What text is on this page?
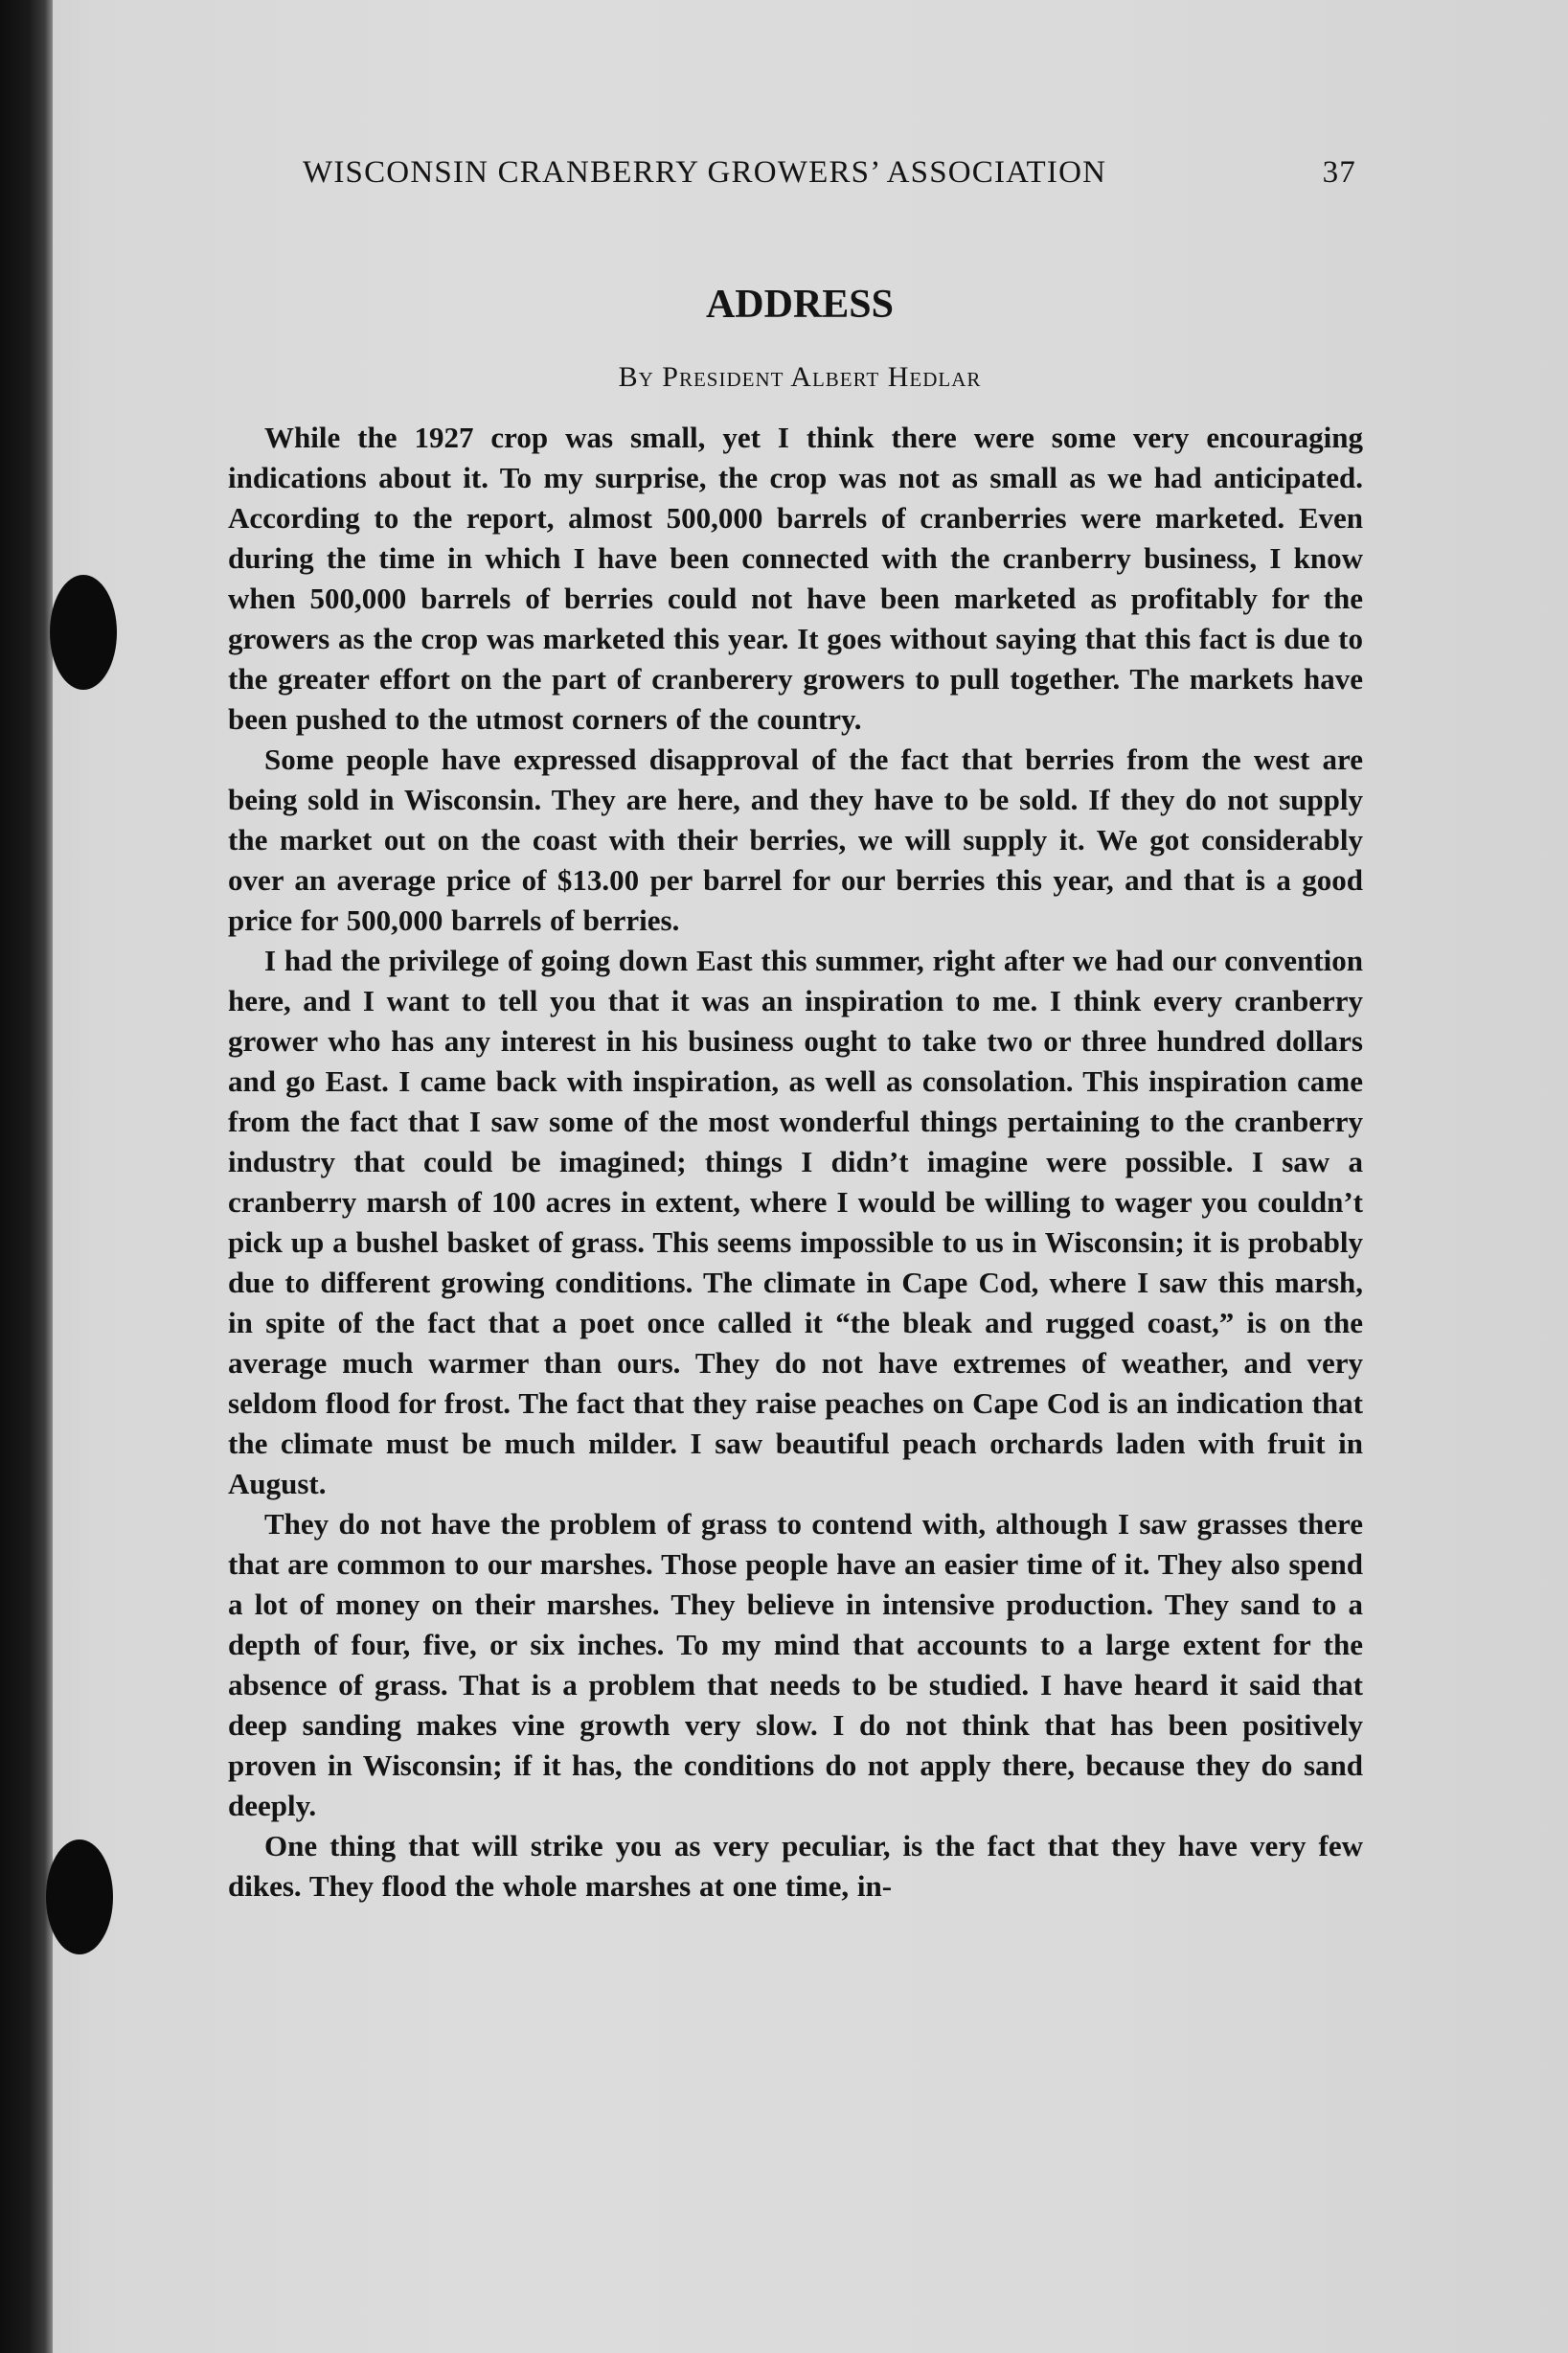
WISCONSIN CRANBERRY GROWERS’ ASSOCIATION	37
ADDRESS
By President Albert Hedlar

While the 1927 crop was small, yet I think there were some very encouraging indications about it. To my surprise, the crop was not as small as we had anticipated. According to the report, almost 500,000 barrels of cranberries were marketed. Even during the time in which I have been connected with the cranberry business, I know when 500,000 barrels of berries could not have been marketed as profitably for the growers as the crop was marketed this year. It goes without saying that this fact is due to the greater effort on the part of cranberery growers to pull together. The markets have been pushed to the utmost corners of the country.

Some people have expressed disapproval of the fact that berries from the west are being sold in Wisconsin. They are here, and they have to be sold. If they do not supply the market out on the coast with their berries, we will supply it. We got considerably over an average price of $13.00 per barrel for our berries this year, and that is a good price for 500,000 barrels of berries.

I had the privilege of going down East this summer, right after we had our convention here, and I want to tell you that it was an inspiration to me. I think every cranberry grower who has any interest in his business ought to take two or three hundred dollars and go East. I came back with inspiration, as well as consolation. This inspiration came from the fact that I saw some of the most wonderful things pertaining to the cranberry industry that could be imagined; things I didn’t imagine were possible. I saw a cranberry marsh of 100 acres in extent, where I would be willing to wager you couldn’t pick up a bushel basket of grass. This seems impossible to us in Wisconsin; it is probably due to different growing conditions. The climate in Cape Cod, where I saw this marsh, in spite of the fact that a poet once called it “the bleak and rugged coast,” is on the average much warmer than ours. They do not have extremes of weather, and very seldom flood for frost. The fact that they raise peaches on Cape Cod is an indication that the climate must be much milder. I saw beautiful peach orchards laden with fruit in August.

They do not have the problem of grass to contend with, although I saw grasses there that are common to our marshes. Those people have an easier time of it. They also spend a lot of money on their marshes. They believe in intensive production. They sand to a depth of four, five, or six inches. To my mind that accounts to a large extent for the absence of grass. That is a problem that needs to be studied. I have heard it said that deep sanding makes vine growth very slow. I do not think that has been positively proven in Wisconsin; if it has, the conditions do not apply there, because they do sand deeply.

One thing that will strike you as very peculiar, is the fact that they have very few dikes. They flood the whole marshes at one time, in-
